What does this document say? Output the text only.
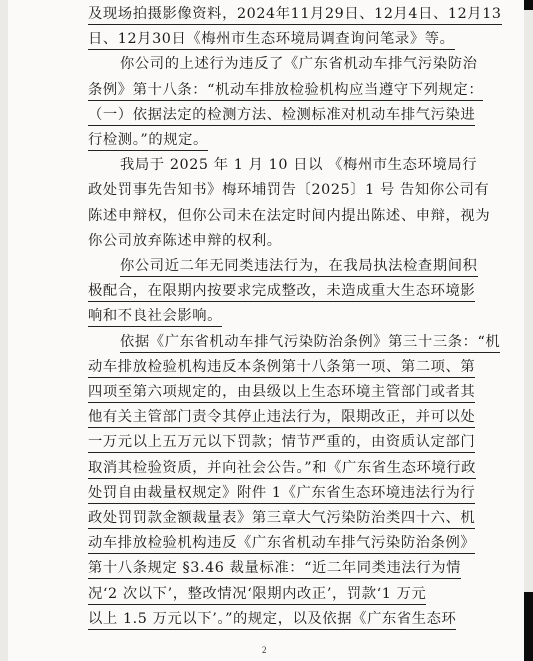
及现场拍摄影像资料，2024年11月29日、12月4日、12月13
日、12月30日《梅州市生态环境局调查询问笔录》等。
你公司的上述行为违反了《广东省机动车排气污染防治
条例》第十八条：“机动车排放检验机构应当遵守下列规定：
（一）依据法定的检测方法、检测标准对机动车排气污染进
行检测。”的规定。
我局于 2025 年 1 月 10 日以 《梅州市生态环境局行
政处罚事先告知书》梅环埔罚告〔2025〕1 号 告知你公司有
陈述申辩权，但你公司未在法定时间内提出陈述、申辩，视为
你公司放弃陈述申辩的权利。
你公司近二年无同类违法行为，在我局执法检查期间积
极配合，在限期内按要求完成整改，未造成重大生态环境影
响和不良社会影响。
依据《广东省机动车排气污染防治条例》第三十三条：“机
动车排放检验机构违反本条例第十八条第一项、第二项、第
四项至第六项规定的，由县级以上生态环境主管部门或者其
他有关主管部门责令其停止违法行为，限期改正，并可以处
一万元以上五万元以下罚款；情节严重的，由资质认定部门
取消其检验资质，并向社会公告。”和《广东省生态环境行政
处罚自由裁量权规定》附件 1《广东省生态环境违法行为行
政处罚罚款金额裁量表》第三章大气污染防治类四十六、机
动车排放检验机构违反《广东省机动车排气污染防治条例》
第十八条规定 §3.46 裁量标准：“近二年同类违法行为情
况‘2 次以下’，整改情况‘限期内改正’，罚款‘1 万元
以上 1.5 万元以下’。”的规定，以及依据《广东省生态环
2
